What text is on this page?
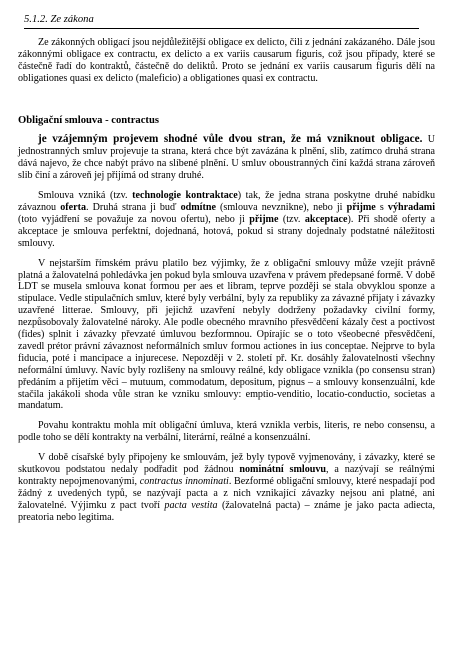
5.1.2. Ze zákona

Ze zákonných obligací jsou nejdůležitější obligace ex delicto, čili z jednání zakázaného. Dále jsou zákonnými obligace ex contractu, ex delicto a ex variis causarum figuris, což jsou případy, které se částečně řadí do kontraktů, částečně do deliktů. Proto se jednání ex variis causarum figuris dělí na obligationes quasi ex delicto (maleficio) a obligationes quasi ex contractu.

Obligační smlouva - contractus

je vzájemným projevem shodné vůle dvou stran, že má vzniknout obligace. U jednostranných smluv projevuje ta strana, která chce být zavázána k plnění, slib, zatímco druhá strana dává najevo, že chce nabýt právo na slíbené plnění. U smluv oboustranných činí každá strana zároveň slib činí a zároveň jej přijímá od strany druhé.

Smlouva vzniká (tzv. technologie kontraktace) tak, že jedna strana poskytne druhé nabídku závaznou oferta. Druhá strana ji buď odmítne (smlouva nevznikne), nebo ji přijme s výhradami (toto vyjádření se považuje za novou ofertu), nebo ji přijme (tzv. akceptace). Při shodě oferty a akceptace je smlouva perfektní, dojednaná, hotová, pokud si strany dojednaly podstatné náležitosti smlouvy.

V nejstarším římském právu platilo bez výjimky, že z obligační smlouvy může vzejít právně platná a žalovatelná pohledávka jen pokud byla smlouva uzavřena v právem předepsané formě. V době LDT se musela smlouva konat formou per aes et libram, teprve později se stala obvyklou sponze a stipulace. Vedle stipulačních smluv, které byly verbální, byly za republiky za závazné přijaty i závazky uzavřené litterae. Smlouvy, při jejichž uzavření nebyly dodrženy požadavky civilní formy, nezpůsobovaly žalovatelné nároky. Ale podle obecného mravního přesvědčení kázaly čest a poctivost (fides) splnit i závazky převzaté úmluvou bezformnou. Opírajíc se o toto všeobecné přesvědčení, zavedl prétor právní závaznost neformálních smluv formou actiones in ius conceptae. Nejprve to byla fiducia, poté i mancipace a injurecese. Nepozději v 2. století př. Kr. dosáhly žalovatelnosti všechny neformální úmluvy. Navíc byly rozlišeny na smlouvy reálné, kdy obligace vznikla (po consensu stran) předáním a přijetím věci – mutuum, commodatum, depositum, pignus – a smlouvy konsenzuální, kde stačila jakákoli shoda vůle stran ke vzniku smlouvy: emptio-venditio, locatio-conductio, societas a mandatum.

Povahu kontraktu mohla mít obligační úmluva, která vznikla verbis, literis, re nebo consensu, a podle toho se dělí kontrakty na verbální, literární, reálné a konsenzuální.

V době císařské byly připojeny ke smlouvám, jež byly typově vyjmenovány, i závazky, které se skutkovou podstatou nedaly podřadit pod žádnou nominátní smlouvu, a nazývají se reálnými kontrakty nepojmenovanými, contractus innominati. Bezformé obligační smlouvy, které nespadají pod žádný z uvedených typů, se nazývají pacta a z nich vznikající závazky nejsou ani platné, ani žalovatelné. Výjimku z pact tvoří pacta vestita (žalovatelná pacta) – známe je jako pacta adiecta, preatoria nebo legitima.
